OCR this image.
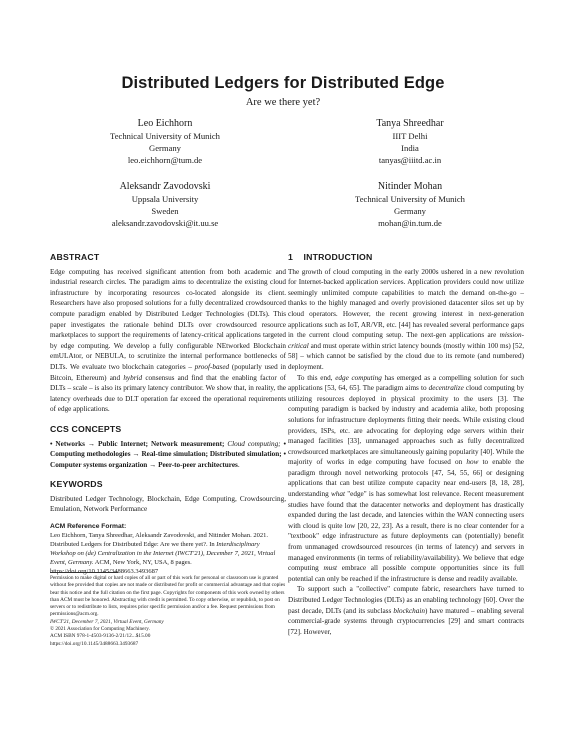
Distributed Ledgers for Distributed Edge
Are we there yet?
Leo Eichhorn
Technical University of Munich
Germany
leo.eichhorn@tum.de
Tanya Shreedhar
IIIT Delhi
India
tanyas@iiitd.ac.in
Aleksandr Zavodovski
Uppsala University
Sweden
aleksandr.zavodovski@it.uu.se
Nitinder Mohan
Technical University of Munich
Germany
mohan@in.tum.de
ABSTRACT

Edge computing has received significant attention from both academic and industrial research circles. The paradigm aims to decentralize the existing cloud infrastructure by incorporating resources co-located alongside its client. Researchers have also proposed solutions for a fully decentralized crowdsourced compute paradigm enabled by Distributed Ledger Technologies (DLTs). This paper investigates the rationale behind DLTs over crowdsourced resource marketplaces to support the requirements of latency-critical applications targeted by edge computing. We develop a fully configurable NEtworked Blockchain emULAtor, or NEBULA, to scrutinize the internal performance bottlenecks of DLTs. We evaluate two blockchain categories – proof-based (popularly used in Bitcoin, Ethereum) and hybrid consensus and find that the enabling factor of DLTs – scale – is also its primary latency contributor. We show that, in reality, the latency overheads due to DLT operation far exceed the operational requirements of edge applications.

CCS CONCEPTS

• Networks → Public Internet; Network measurement; Cloud computing; • Computing methodologies → Real-time simulation; Distributed simulation; • Computer systems organization → Peer-to-peer architectures.

KEYWORDS

Distributed Ledger Technology, Blockchain, Edge Computing, Crowdsourcing, Emulation, Network Performance

ACM Reference Format:
Leo Eichhorn, Tanya Shreedhar, Aleksandr Zavodovski, and Nitinder Mohan. 2021. Distributed Ledgers for Distributed Edge: Are we there yet?. In Interdisciplinary Workshop on (de) Centralization in the Internet (IWCT'21), December 7, 2021, Virtual Event, Germany. ACM, New York, NY, USA, 8 pages. https://doi.org/10.1145/3488663.3493687
Permission to make digital or hard copies of all or part of this work for personal or classroom use is granted without fee provided that copies are not made or distributed for profit or commercial advantage and that copies bear this notice and the full citation on the first page. Copyrights for components of this work owned by others than ACM must be honored. Abstracting with credit is permitted. To copy otherwise, or republish, to post on servers or to redistribute to lists, requires prior specific permission and/or a fee. Request permissions from permissions@acm.org.
IWCT'21, December 7, 2021, Virtual Event, Germany
© 2021 Association for Computing Machinery.
ACM ISBN 978-1-4503-9136-2/21/12...$15.00
https://doi.org/10.1145/3488663.3493687
1    INTRODUCTION

The growth of cloud computing in the early 2000s ushered in a new revolution for Internet-backed application services. Application providers could now utilize seemingly unlimited compute capabilities to match the demand on-the-go – thanks to the highly managed and overly provisioned datacenter silos set up by cloud operators. However, the recent growing interest in next-generation applications such as IoT, AR/VR, etc. [44] has revealed several performance gaps in the current cloud computing setup. The next-gen applications are mission-critical and must operate within strict latency bounds (mostly within 100 ms) [52, 58] – which cannot be satisfied by the cloud due to its remote (and numbered) deployment.

To this end, edge computing has emerged as a compelling solution for such applications [53, 64, 65]. The paradigm aims to decentralize cloud computing by utilizing resources deployed in physical proximity to the users [3]. The computing paradigm is backed by industry and academia alike, both proposing solutions for infrastructure deployments fitting their needs. While existing cloud providers, ISPs, etc. are advocating for deploying edge servers within their managed facilities [33], unmanaged approaches such as fully decentralized crowdsourced marketplaces are simultaneously gaining popularity [40]. While the majority of works in edge computing have focused on how to enable the paradigm through novel networking protocols [47, 54, 55, 66] or designing applications that can best utilize compute capacity near end-users [8, 18, 28], understanding what "edge" is has somewhat lost relevance. Recent measurement studies have found that the datacenter networks and deployment has drastically expanded during the last decade, and latencies within the WAN connecting users with cloud is quite low [20, 22, 23]. As a result, there is no clear contender for a "textbook" edge infrastructure as future deployments can (potentially) benefit from unmanaged crowdsourced resources (in terms of latency) and servers in managed environments (in terms of reliability/availability). We believe that edge computing must embrace all possible compute opportunities since its full potential can only be reached if the infrastructure is dense and readily available.

To support such a "collective" compute fabric, researchers have turned to Distributed Ledger Technologies (DLTs) as an enabling technology [60]. Over the past decade, DLTs (and its subclass blockchain) have matured – enabling several commercial-grade systems through cryptocurrencies [29] and smart contracts [72]. However,
